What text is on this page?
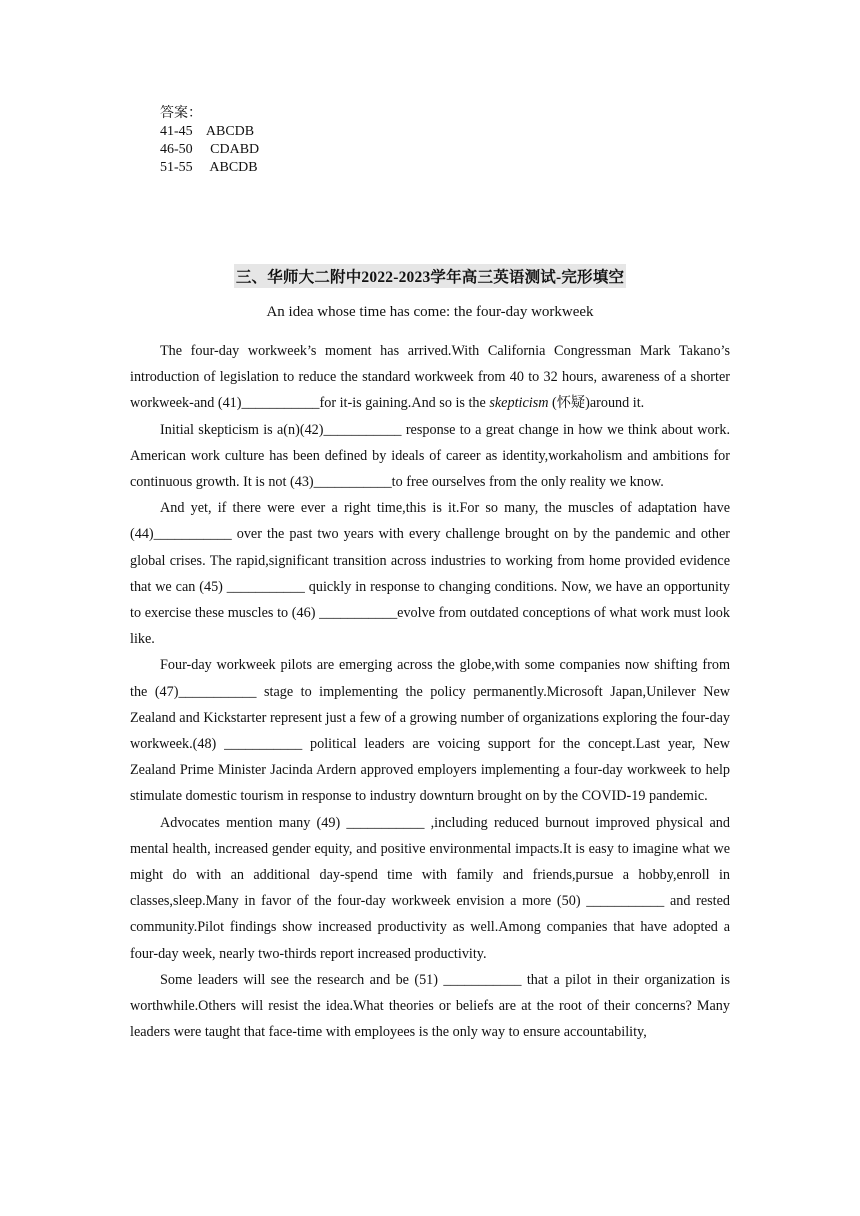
答案：
41-45    ABCDB
46-50     CDABD
51-55     ABCDB
三、华师大二附中2022-2023学年高三英语测试-完形填空
An idea whose time has come: the four-day workweek

The four-day workweek’s moment has arrived.With California Congressman Mark Takano’s introduction of legislation to reduce the standard workweek from 40 to 32 hours, awareness of a shorter workweek-and (41)___________for it-is gaining.And so is the skepticism (怀疑)around it.

Initial skepticism is a(n)(42)___________ response to a great change in how we think about work. American work culture has been defined by ideals of career as identity,workaholism and ambitions for continuous growth. It is not (43)___________to free ourselves from the only reality we know.

And yet, if there were ever a right time,this is it.For so many, the muscles of adaptation have (44)___________ over the past two years with every challenge brought on by the pandemic and other global crises. The rapid,significant transition across industries to working from home provided evidence that we can (45) ___________ quickly in response to changing conditions. Now, we have an opportunity to exercise these muscles to (46) ___________evolve from outdated conceptions of what work must look like.

Four-day workweek pilots are emerging across the globe,with some companies now shifting from the (47)___________ stage to implementing the policy permanently.Microsoft Japan,Unilever New Zealand and Kickstarter represent just a few of a growing number of organizations exploring the four-day workweek.(48) ___________ political leaders are voicing support for the concept.Last year, New Zealand Prime Minister Jacinda Ardern approved employers implementing a four-day workweek to help stimulate domestic tourism in response to industry downturn brought on by the COVID-19 pandemic.

Advocates mention many (49) ___________ ,including reduced burnout improved physical and mental health, increased gender equity, and positive environmental impacts.It is easy to imagine what we might do with an additional day-spend time with family and friends,pursue a hobby,enroll in classes,sleep.Many in favor of the four-day workweek envision a more (50) ___________ and rested community.Pilot findings show increased productivity as well.Among companies that have adopted a four-day week, nearly two-thirds report increased productivity.

Some leaders will see the research and be (51) ___________ that a pilot in their organization is worthwhile.Others will resist the idea.What theories or beliefs are at the root of their concerns? Many leaders were taught that face-time with employees is the only way to ensure accountability,
